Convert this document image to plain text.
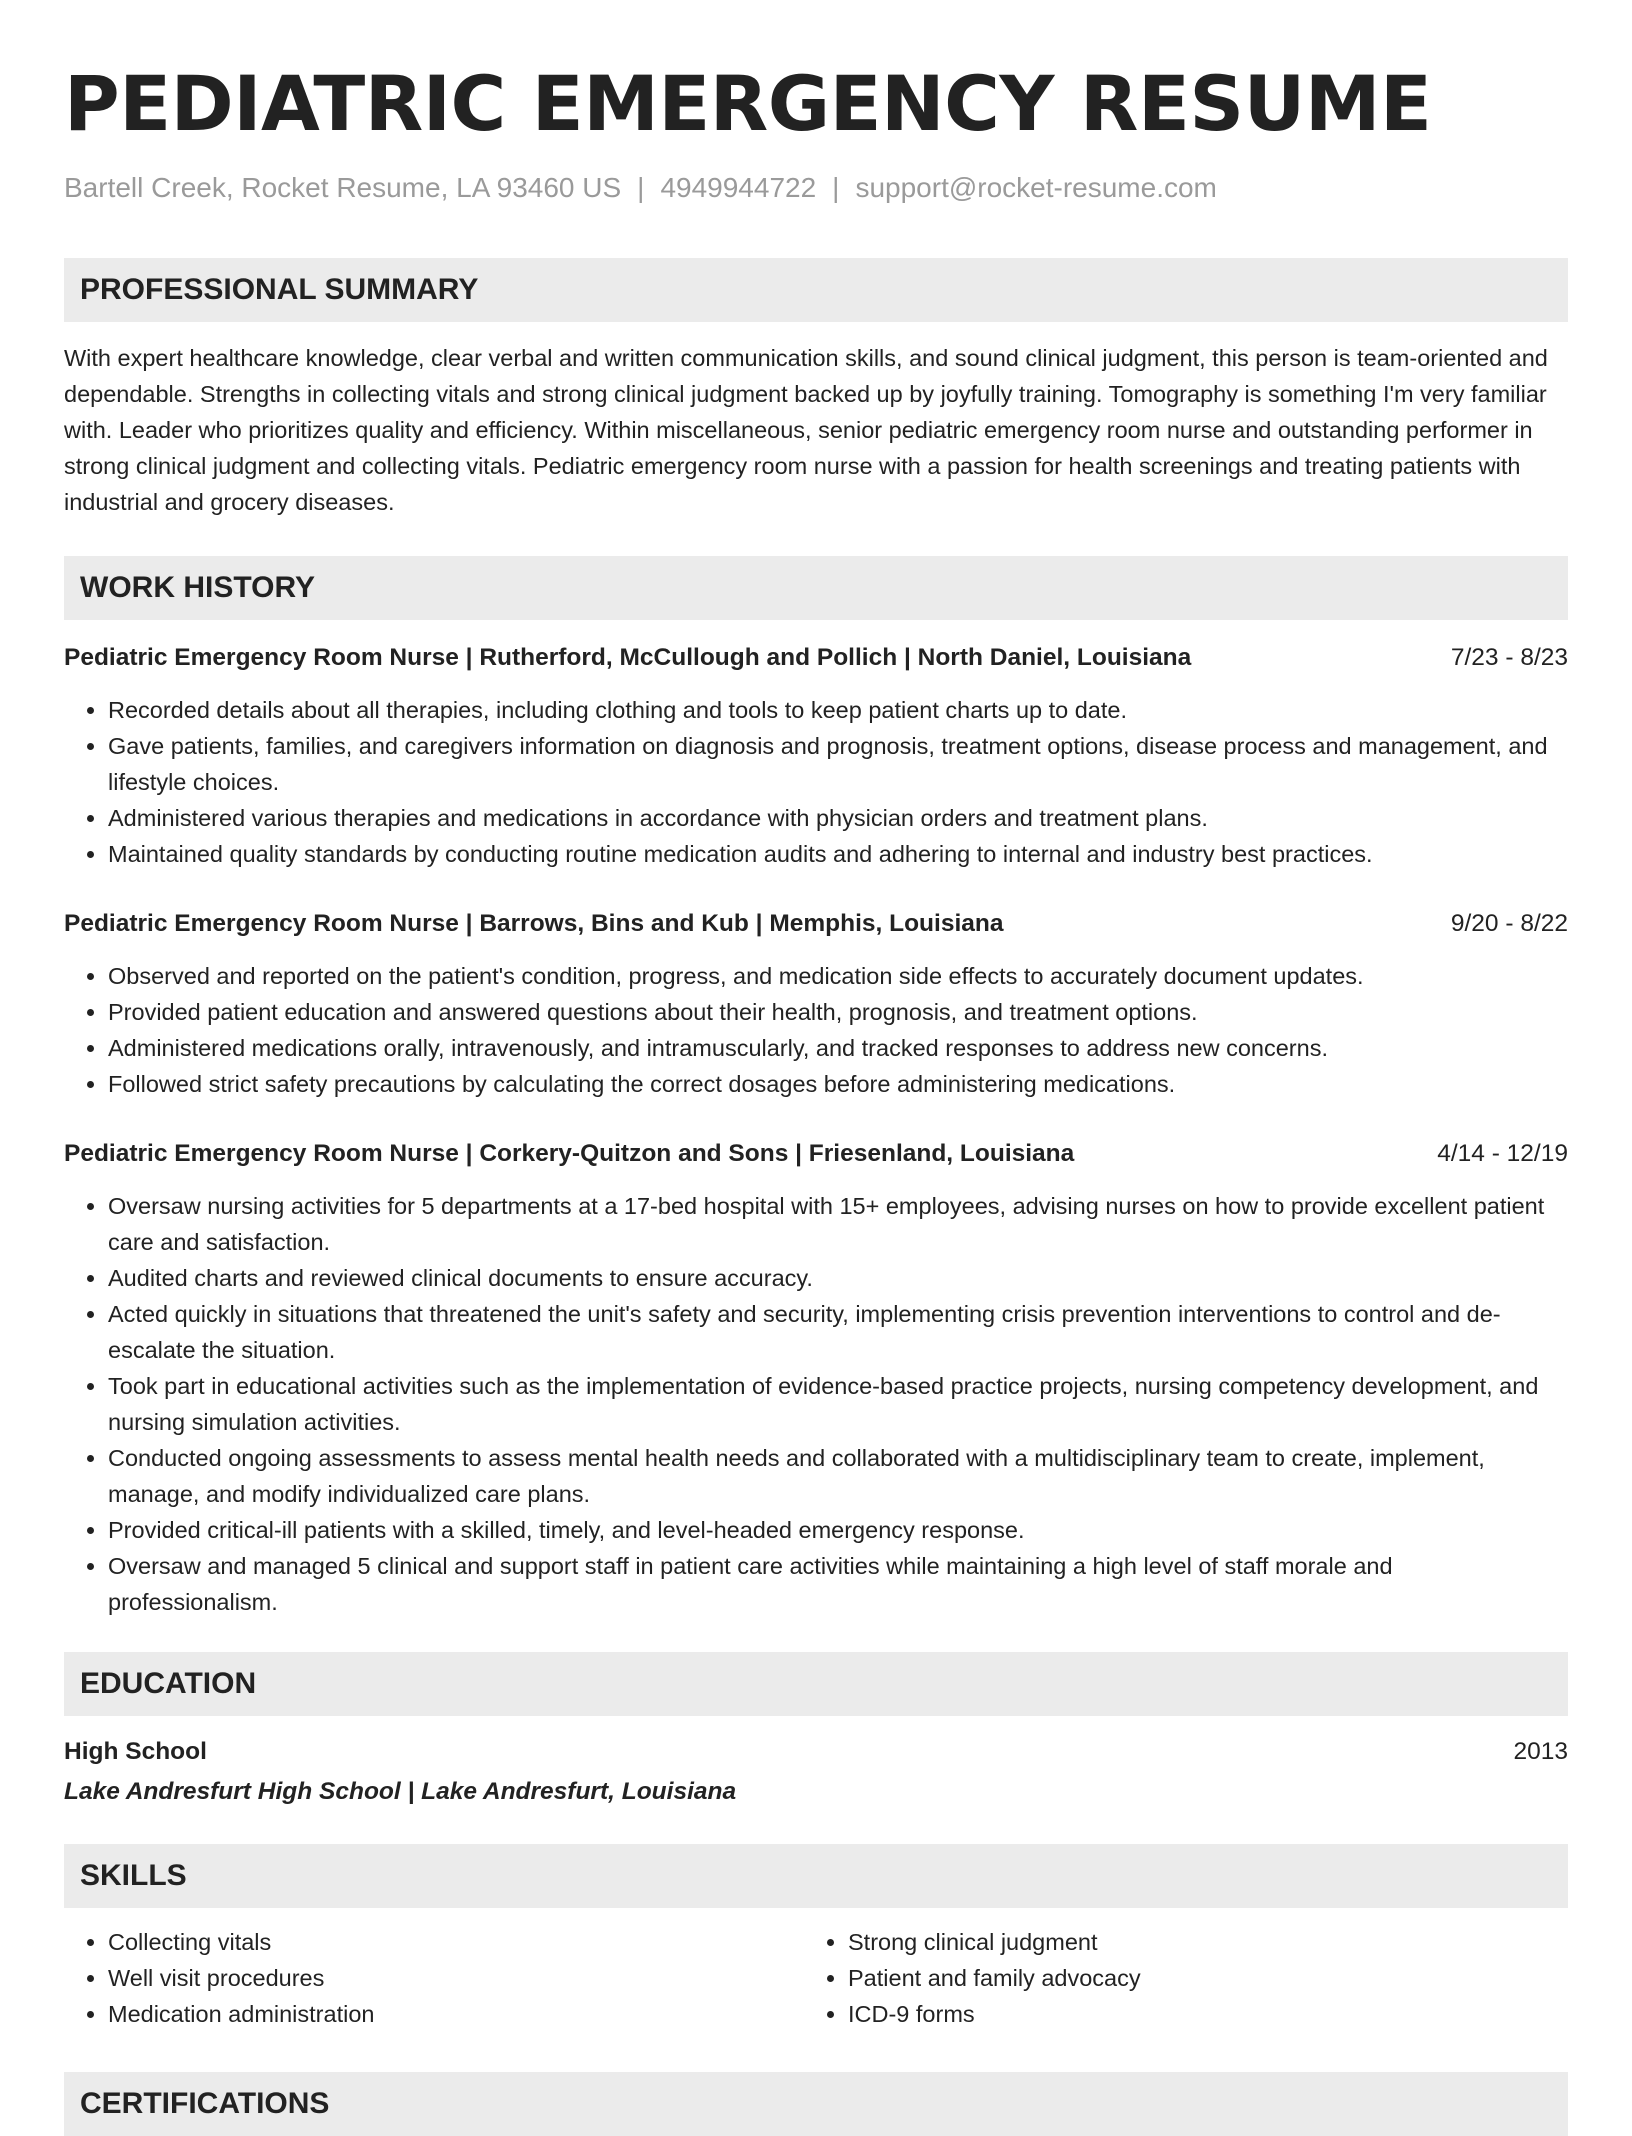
PEDIATRIC EMERGENCY RESUME
Bartell Creek, Rocket Resume, LA 93460 US | 4949944722 | support@rocket-resume.com
PROFESSIONAL SUMMARY

With expert healthcare knowledge, clear verbal and written communication skills, and sound clinical judgment, this person is team-oriented and dependable. Strengths in collecting vitals and strong clinical judgment backed up by joyfully training. Tomography is something I'm very familiar with. Leader who prioritizes quality and efficiency. Within miscellaneous, senior pediatric emergency room nurse and outstanding performer in strong clinical judgment and collecting vitals. Pediatric emergency room nurse with a passion for health screenings and treating patients with industrial and grocery diseases.

WORK HISTORY
Pediatric Emergency Room Nurse | Rutherford, McCullough and Pollich | North Daniel, Louisiana	7/23 - 8/23
• Recorded details about all therapies, including clothing and tools to keep patient charts up to date.
• Gave patients, families, and caregivers information on diagnosis and prognosis, treatment options, disease process and management, and lifestyle choices.
• Administered various therapies and medications in accordance with physician orders and treatment plans.
• Maintained quality standards by conducting routine medication audits and adhering to internal and industry best practices.
Pediatric Emergency Room Nurse | Barrows, Bins and Kub | Memphis, Louisiana	9/20 - 8/22
• Observed and reported on the patient's condition, progress, and medication side effects to accurately document updates.
• Provided patient education and answered questions about their health, prognosis, and treatment options.
• Administered medications orally, intravenously, and intramuscularly, and tracked responses to address new concerns.
• Followed strict safety precautions by calculating the correct dosages before administering medications.
Pediatric Emergency Room Nurse | Corkery-Quitzon and Sons | Friesenland, Louisiana	4/14 - 12/19
• Oversaw nursing activities for 5 departments at a 17-bed hospital with 15+ employees, advising nurses on how to provide excellent patient care and satisfaction.
• Audited charts and reviewed clinical documents to ensure accuracy.
• Acted quickly in situations that threatened the unit's safety and security, implementing crisis prevention interventions to control and de-escalate the situation.
• Took part in educational activities such as the implementation of evidence-based practice projects, nursing competency development, and nursing simulation activities.
• Conducted ongoing assessments to assess mental health needs and collaborated with a multidisciplinary team to create, implement, manage, and modify individualized care plans.
• Provided critical-ill patients with a skilled, timely, and level-headed emergency response.
• Oversaw and managed 5 clinical and support staff in patient care activities while maintaining a high level of staff morale and professionalism.
EDUCATION
High School	2013
Lake Andresfurt High School | Lake Andresfurt, Louisiana
SKILLS
• Collecting vitals
• Well visit procedures
• Medication administration
• Strong clinical judgment
• Patient and family advocacy
• ICD-9 forms
CERTIFICATIONS
